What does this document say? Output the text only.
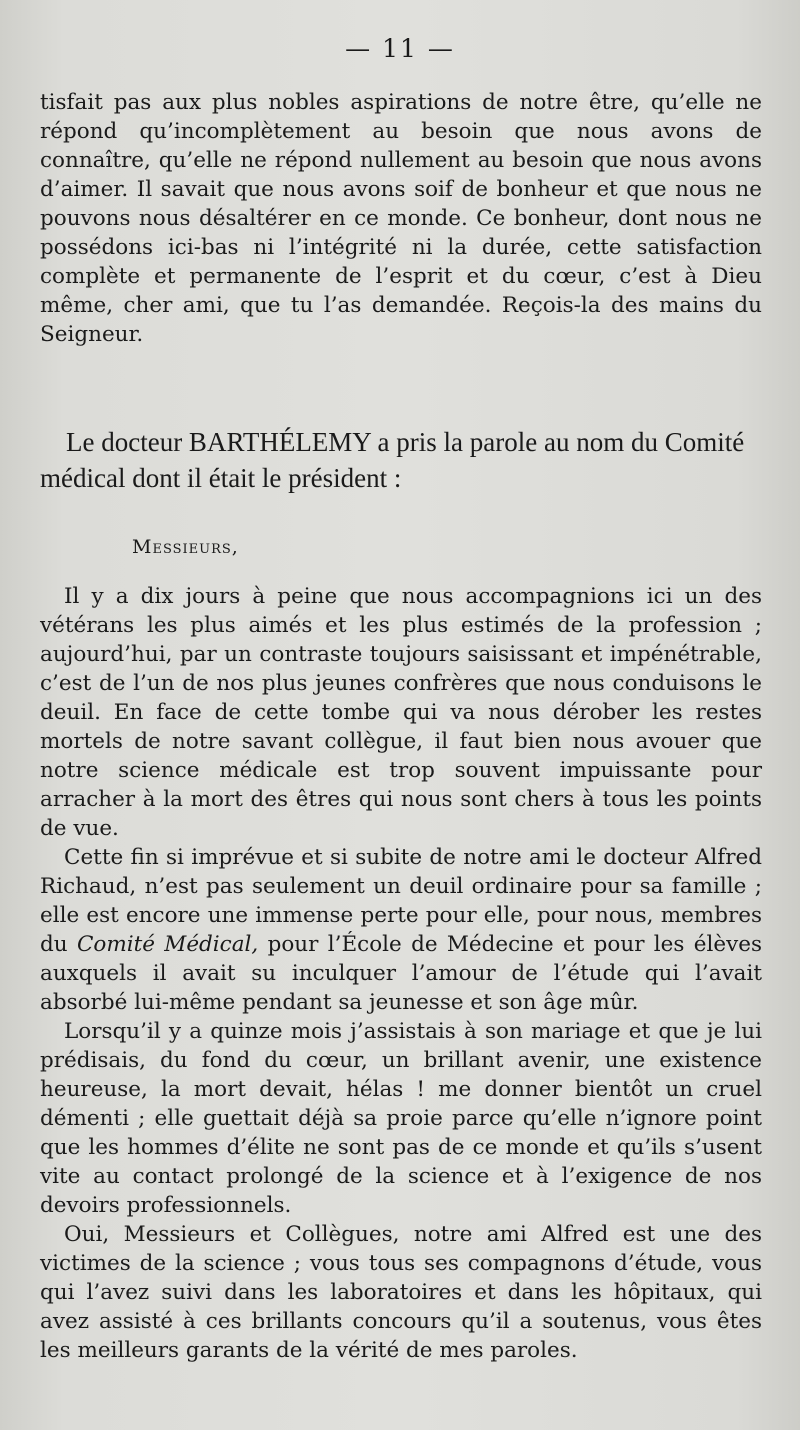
— 11 —

tisfait pas aux plus nobles aspirations de notre être, qu’elle ne répond qu’incomplètement au besoin que nous avons de connaître, qu’elle ne répond nullement au besoin que nous avons d’aimer. Il savait que nous avons soif de bonheur et que nous ne pouvons nous désaltérer en ce monde. Ce bonheur, dont nous ne possédons ici-bas ni l’intégrité ni la durée, cette satisfaction complète et permanente de l’esprit et du cœur, c’est à Dieu même, cher ami, que tu l’as demandée. Reçois-la des mains du Seigneur.

Le docteur BARTHÉLEMY a pris la parole au nom du Comité médical dont il était le président :

Messieurs,

Il y a dix jours à peine que nous accompagnions ici un des vétérans les plus aimés et les plus estimés de la profession ; aujourd’hui, par un contraste toujours saisissant et impénétrable, c’est de l’un de nos plus jeunes confrères que nous conduisons le deuil. En face de cette tombe qui va nous dérober les restes mortels de notre savant collègue, il faut bien nous avouer que notre science médicale est trop souvent impuissante pour arracher à la mort des êtres qui nous sont chers à tous les points de vue.

Cette fin si imprévue et si subite de notre ami le docteur Alfred Richaud, n’est pas seulement un deuil ordinaire pour sa famille ; elle est encore une immense perte pour elle, pour nous, membres du Comité Médical, pour l’École de Médecine et pour les élèves auxquels il avait su inculquer l’amour de l’étude qui l’avait absorbé lui-même pendant sa jeunesse et son âge mûr.

Lorsqu’il y a quinze mois j’assistais à son mariage et que je lui prédisais, du fond du cœur, un brillant avenir, une existence heureuse, la mort devait, hélas ! me donner bientôt un cruel démenti ; elle guettait déjà sa proie parce qu’elle n’ignore point que les hommes d’élite ne sont pas de ce monde et qu’ils s’usent vite au contact prolongé de la science et à l’exigence de nos devoirs professionnels.

Oui, Messieurs et Collègues, notre ami Alfred est une des victimes de la science ; vous tous ses compagnons d’étude, vous qui l’avez suivi dans les laboratoires et dans les hôpitaux, qui avez assisté à ces brillants concours qu’il a soutenus, vous êtes les meilleurs garants de la vérité de mes paroles.
